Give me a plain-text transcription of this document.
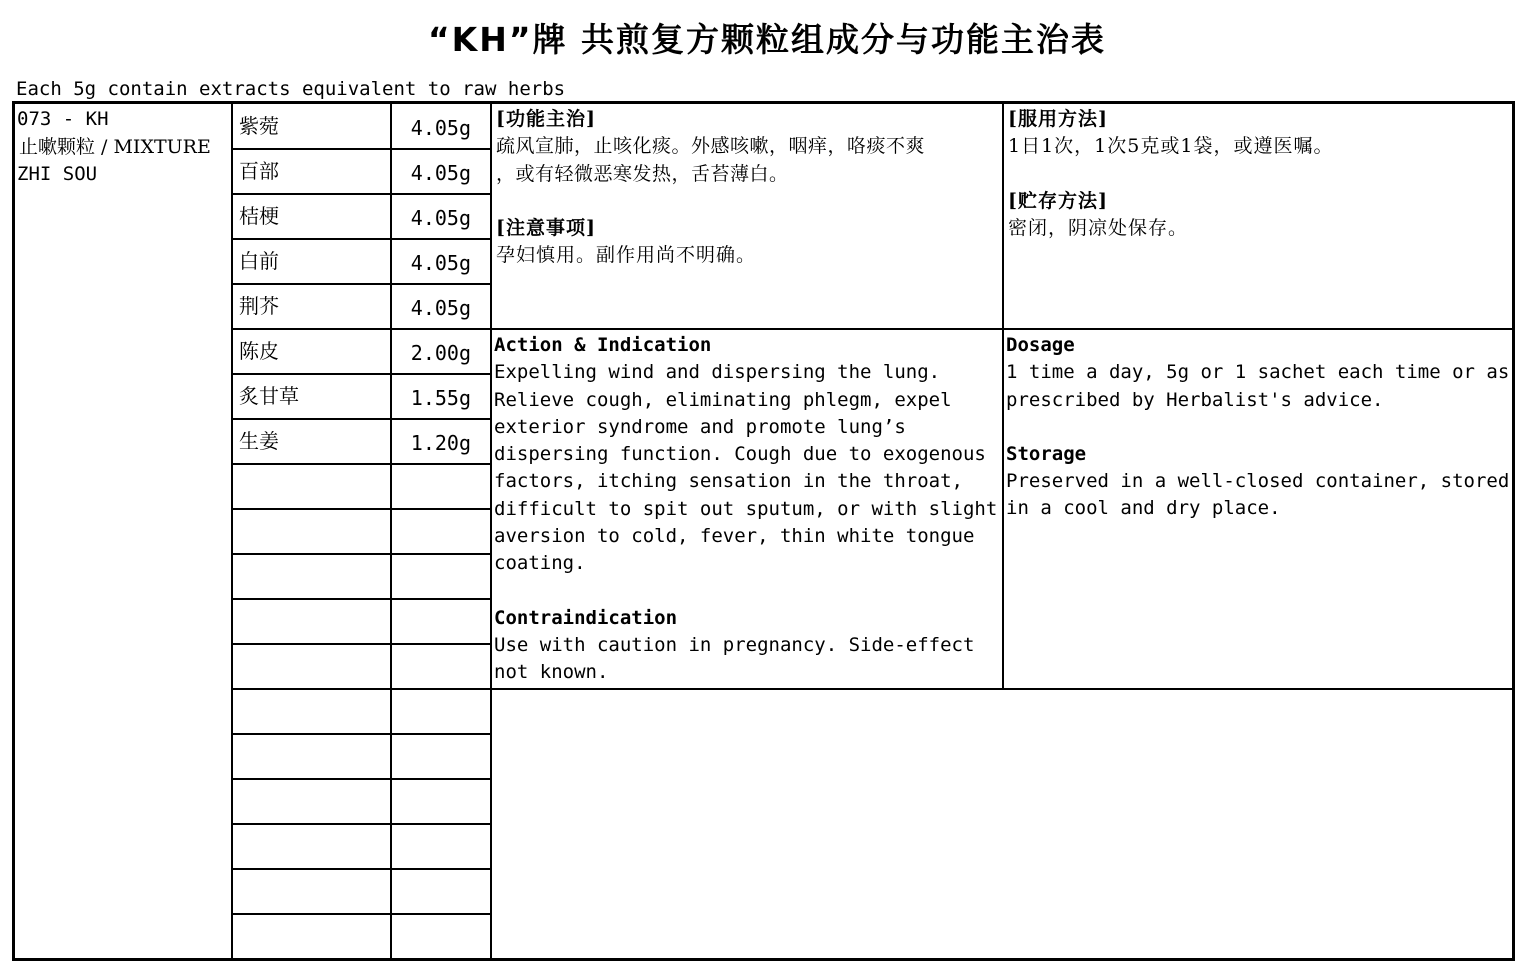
“KH”牌 共煎复方颗粒组成分与功能主治表
Each 5g contain extracts equivalent to raw herbs
073 - KH
止嗽颗粒 / MIXTURE
ZHI SOU
紫菀	4.05g
百部	4.05g
桔梗	4.05g
白前	4.05g
荆芥	4.05g
陈皮	2.00g
炙甘草	1.55g
生姜	1.20g
[功能主治]
疏风宣肺，止咳化痰。外感咳嗽，咽痒，咯痰不爽
，或有轻微恶寒发热，舌苔薄白。
[注意事项]
孕妇慎用。副作用尚不明确。
[服用方法]
1日1次，1次5克或1袋，或遵医嘱。
[贮存方法]
密闭，阴凉处保存。
Action & Indication
Expelling wind and dispersing the lung.
Relieve cough, eliminating phlegm, expel
exterior syndrome and promote lung’s
dispersing function. Cough due to exogenous
factors, itching sensation in the throat,
difficult to spit out sputum, or with slight
aversion to cold, fever, thin white tongue
coating.
Contraindication
Use with caution in pregnancy. Side-effect
not known.
Dosage
1 time a day, 5g or 1 sachet each time or as
prescribed by Herbalist's advice.
Storage
Preserved in a well-closed container, stored
in a cool and dry place.
